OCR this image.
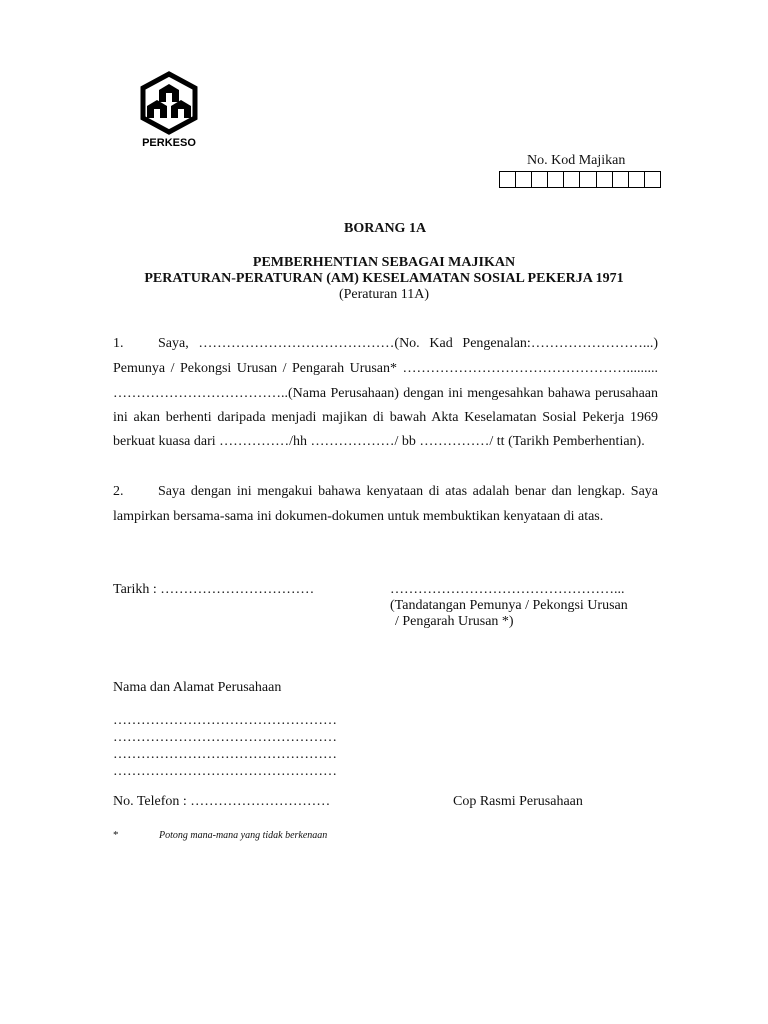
PERKESO
No. Kod Majikan
BORANG 1A
PEMBERHENTIAN SEBAGAI MAJIKAN
PERATURAN-PERATURAN (AM) KESELAMATAN SOSIAL PEKERJA 1971
(Peraturan 11A)
1. Saya, ……………………………………(No. Kad Pengenalan:……………………...)
Pemunya / Pekongsi Urusan / Pengarah Urusan* ………………………………………….........
………………………………..(Nama Perusahaan) dengan ini mengesahkan bahawa perusahaan
ini akan berhenti daripada menjadi majikan di bawah Akta Keselamatan Sosial Pekerja 1969
berkuat kuasa dari ……………/hh ………………/ bb ……………/ tt (Tarikh Pemberhentian).
2. Saya dengan ini mengakui bahawa kenyataan di atas adalah benar dan lengkap. Saya
lampirkan bersama-sama ini dokumen-dokumen untuk membuktikan kenyataan di atas.
Tarikh : ……………………………	…………………………………………...
(Tandatangan Pemunya / Pekongsi Urusan
/ Pengarah Urusan *)
Nama dan Alamat Perusahaan
…………………………………………
…………………………………………
…………………………………………
…………………………………………
No. Telefon : …………………………	Cop Rasmi Perusahaan
*	Potong mana-mana yang tidak berkenaan
